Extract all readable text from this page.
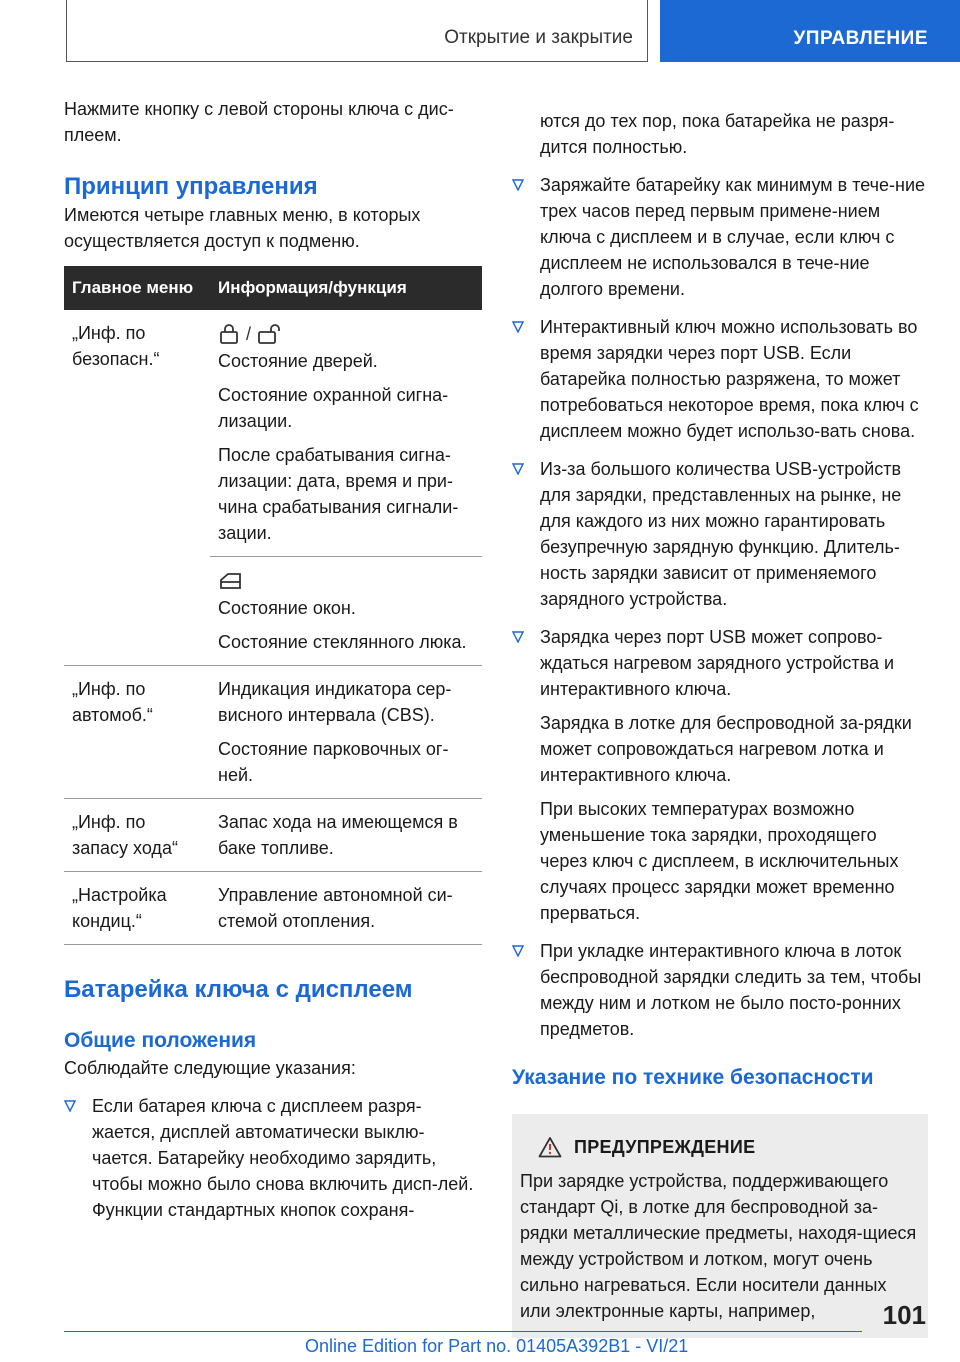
Открытие и закрытие	УПРАВЛЕНИЕ

Нажмите кнопку с левой стороны ключа с дис-плеем.

Принцип управления

Имеются четыре главных меню, в которых осуществляется доступ к подменю.

Главное меню	Информация/функция
„Инф. по безопасн.“	/

Состояние дверей.

Состояние охранной сигна-лизации.

После срабатывания сигна-лизации: дата, время и при-чина срабатывания сигнали-зации.

	Состояние окон.

Состояние стеклянного люка.

„Инф. по автомоб.“	Индикация индикатора сер-висного интервала (CBS).

Состояние парковочных ог-ней.

„Инф. по запасу хода“	Запас хода на имеющемся в баке топливе.

„Настройка кондиц.“	Управление автономной си-стемой отопления.

Батарейка ключа с дисплеем
Общие положения

Соблюдайте следующие указания:

Если батарея ключа с дисплеем разря-жается, дисплей автоматически выклю-чается. Батарейку необходимо зарядить, чтобы можно было снова включить дисп-лей. Функции стандартных кнопок сохраня-

ются до тех пор, пока батарейка не разря-дится полностью.

Заряжайте батарейку как минимум в тече-ние трех часов перед первым примене-нием ключа с дисплеем и в случае, если ключ с дисплеем не использовался в тече-ние долгого времени.

Интерактивный ключ можно использовать во время зарядки через порт USB. Если батарейка полностью разряжена, то может потребоваться некоторое время, пока ключ с дисплеем можно будет использо-вать снова.

Из-за большого количества USB-устройств для зарядки, представленных на рынке, не для каждого из них можно гарантировать безупречную зарядную функцию. Длитель-ность зарядки зависит от применяемого зарядного устройства.

Зарядка через порт USB может сопрово-ждаться нагревом зарядного устройства и интерактивного ключа.

Зарядка в лотке для беспроводной за-рядки может сопровождаться нагревом лотка и интерактивного ключа.

При высоких температурах возможно уменьшение тока зарядки, проходящего через ключ с дисплеем, в исключительных случаях процесс зарядки может временно прерваться.

При укладке интерактивного ключа в лоток беспроводной зарядки следить за тем, чтобы между ним и лотком не было посто-ронних предметов.

Указание по технике безопасности
ПРЕДУПРЕЖДЕНИЕ

При зарядке устройства, поддерживающего стандарт Qi, в лотке для беспроводной за-рядки металлические предметы, находя-щиеся между устройством и лотком, могут очень сильно нагреваться. Если носители данных или электронные карты, например,	101
Online Edition for Part no. 01405A392B1 - VI/21
